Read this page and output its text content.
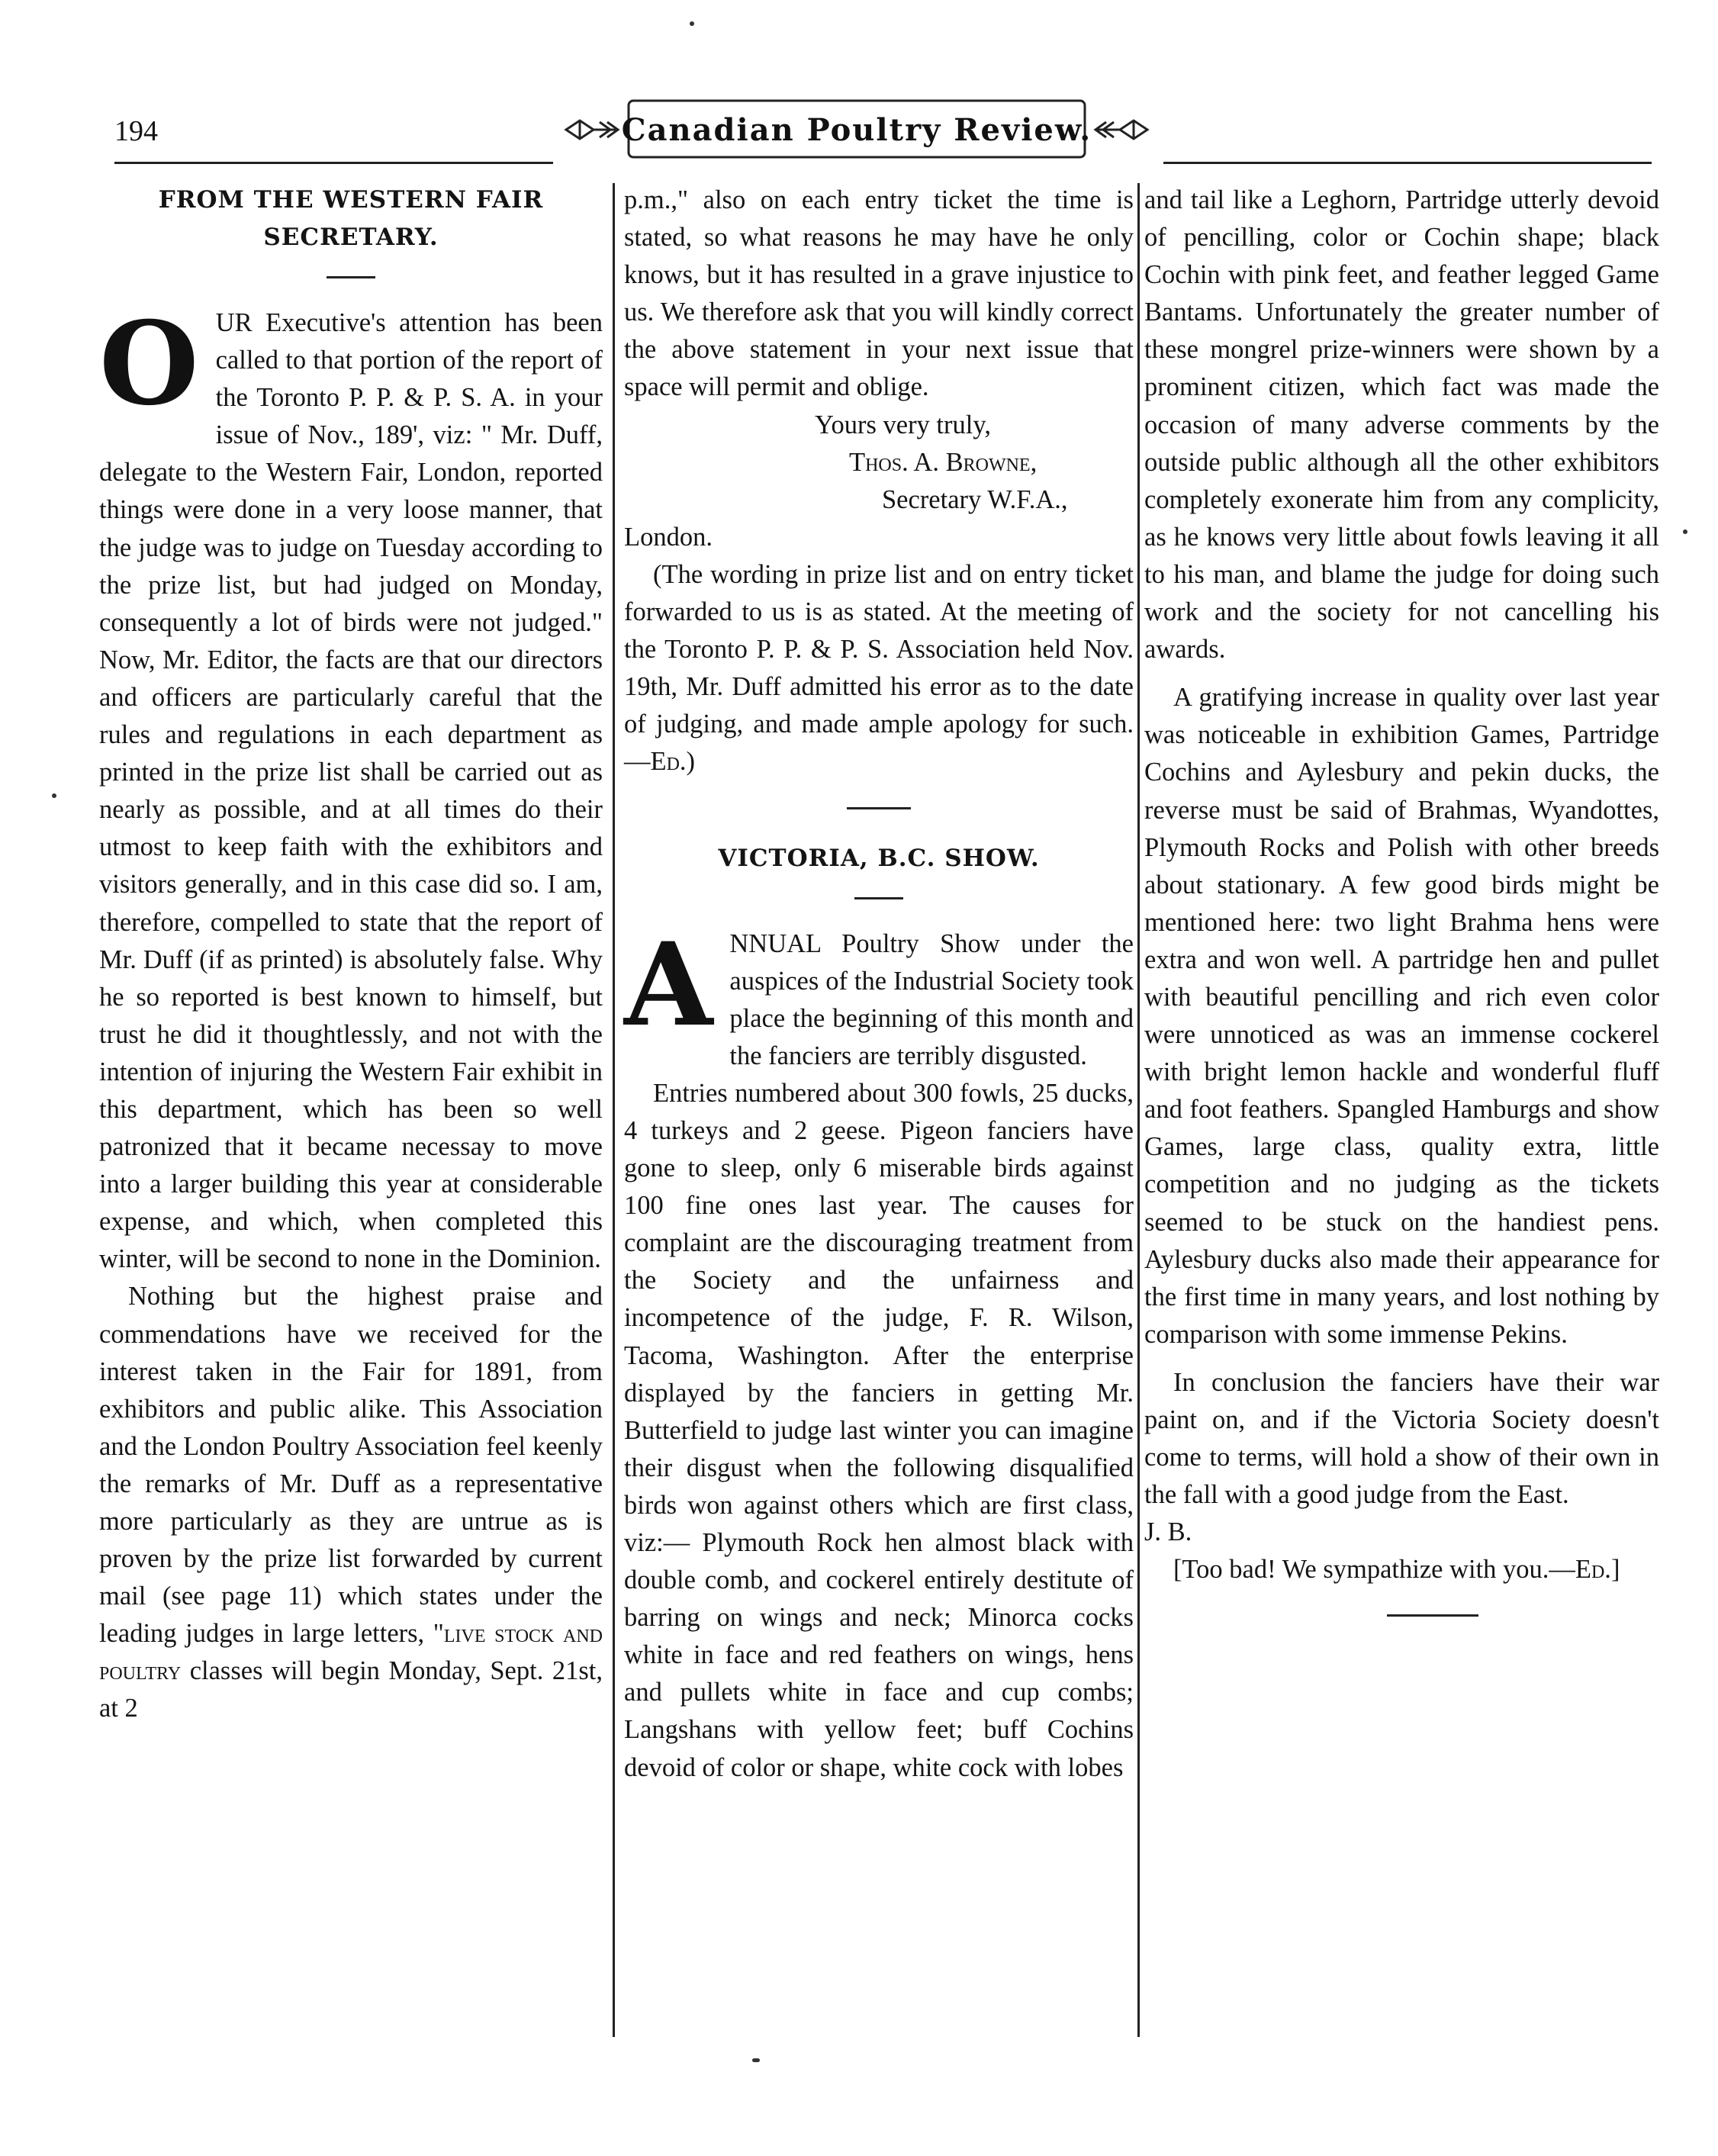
194	Canadian Poultry Review.
FROM THE WESTERN FAIR SECRETARY.

O UR Executive's attention has been called to that portion of the report of the Toronto P. P. & P. S. A. in your issue of Nov., 189', viz: " Mr. Duff, delegate to the Western Fair, London, reported things were done in a very loose manner, that the judge was to judge on Tuesday according to the prize list, but had judged on Monday, consequently a lot of birds were not judged." Now, Mr. Editor, the facts are that our directors and officers are particularly careful that the rules and regulations in each department as printed in the prize list shall be carried out as nearly as possible, and at all times do their utmost to keep faith with the exhibitors and visitors generally, and in this case did so. I am, therefore, compelled to state that the report of Mr. Duff (if as printed) is absolutely false. Why he so reported is best known to himself, but trust he did it thoughtlessly, and not with the intention of injuring the Western Fair exhibit in this department, which has been so well patronized that it became necessay to move into a larger building this year at considerable expense, and which, when completed this winter, will be second to none in the Dominion.

Nothing but the highest praise and commendations have we received for the interest taken in the Fair for 1891, from exhibitors and public alike. This Association and the London Poultry Association feel keenly the remarks of Mr. Duff as a representative more particularly as they are untrue as is proven by the prize list forwarded by current mail (see page 11) which states under the leading judges in large letters, "live stock and poultry classes will begin Monday, Sept. 21st, at 2

p.m.," also on each entry ticket the time is stated, so what reasons he may have he only knows, but it has resulted in a grave injustice to us. We therefore ask that you will kindly correct the above statement in your next issue that space will permit and oblige.

Yours very truly,

Thos. A. Browne,

Secretary W.F.A.,

London.

(The wording in prize list and on entry ticket forwarded to us is as stated. At the meeting of the Toronto P. P. & P. S. Association held Nov. 19th, Mr. Duff admitted his error as to the date of judging, and made ample apology for such.—Ed.)

VICTORIA, B.C. SHOW.

A NNUAL Poultry Show under the auspices of the Industrial Society took place the beginning of this month and the fanciers are terribly disgusted.

Entries numbered about 300 fowls, 25 ducks, 4 turkeys and 2 geese. Pigeon fanciers have gone to sleep, only 6 miserable birds against 100 fine ones last year. The causes for complaint are the discouraging treatment from the Society and the unfairness and incompetence of the judge, F. R. Wilson, Tacoma, Washington. After the enterprise displayed by the fanciers in getting Mr. Butterfield to judge last winter you can imagine their disgust when the following disqualified birds won against others which are first class, viz:— Plymouth Rock hen almost black with double comb, and cockerel entirely destitute of barring on wings and neck; Minorca cocks white in face and red feathers on wings, hens and pullets white in face and cup combs; Langshans with yellow feet; buff Cochins devoid of color or shape, white cock with lobes

and tail like a Leghorn, Partridge utterly devoid of pencilling, color or Cochin shape; black Cochin with pink feet, and feather legged Game Bantams. Unfortunately the greater number of these mongrel prize-winners were shown by a prominent citizen, which fact was made the occasion of many adverse comments by the outside public although all the other exhibitors completely exonerate him from any complicity, as he knows very little about fowls leaving it all to his man, and blame the judge for doing such work and the society for not cancelling his awards.

A gratifying increase in quality over last year was noticeable in exhibition Games, Partridge Cochins and Aylesbury and pekin ducks, the reverse must be said of Brahmas, Wyandottes, Plymouth Rocks and Polish with other breeds about stationary. A few good birds might be mentioned here: two light Brahma hens were extra and won well. A partridge hen and pullet with beautiful pencilling and rich even color were unnoticed as was an immense cockerel with bright lemon hackle and wonderful fluff and foot feathers. Spangled Hamburgs and show Games, large class, quality extra, little competition and no judging as the tickets seemed to be stuck on the handiest pens. Aylesbury ducks also made their appearance for the first time in many years, and lost nothing by comparison with some immense Pekins.

In conclusion the fanciers have their war paint on, and if the Victoria Society doesn't come to terms, will hold a show of their own in the fall with a good judge from the East.

J. B.

[Too bad! We sympathize with you.—Ed.]
